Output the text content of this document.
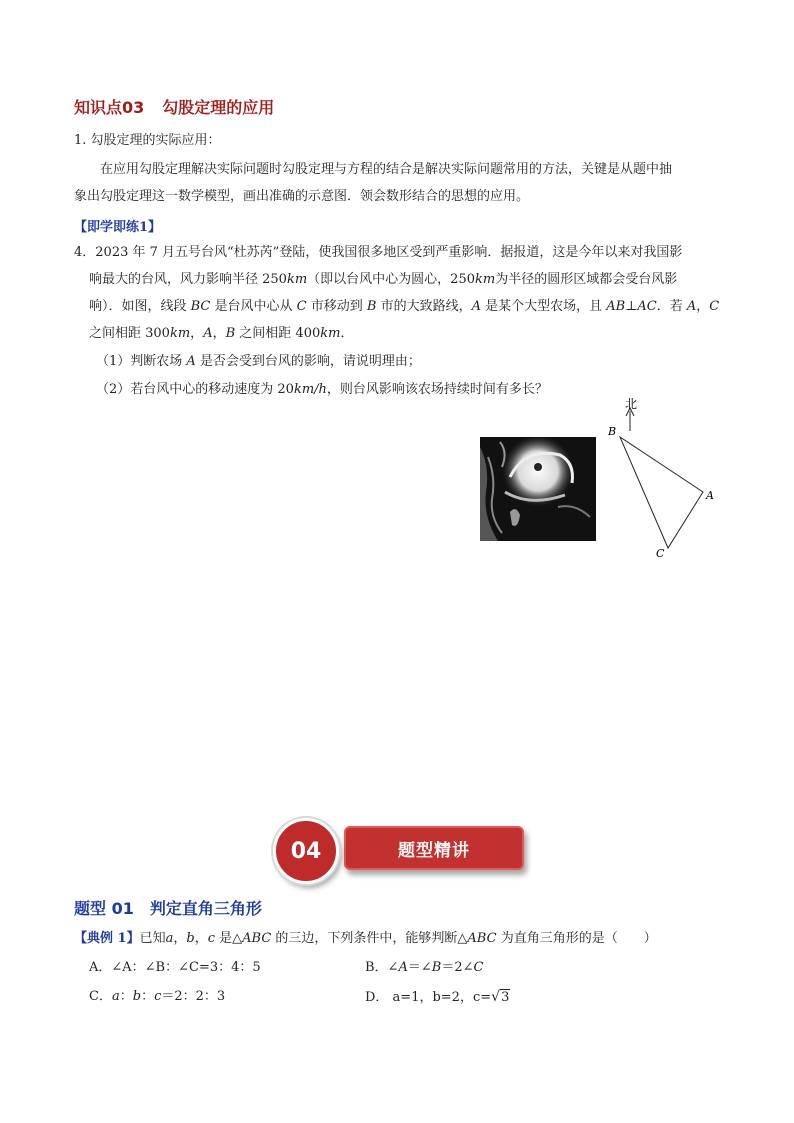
知识点03 勾股定理的应用
1. 勾股定理的实际应用：
在应用勾股定理解决实际问题时勾股定理与方程的结合是解决实际问题常用的方法，关键是从题中抽
象出勾股定理这一数学模型，画出准确的示意图．领会数形结合的思想的应用。
【即学即练1】
4．2023 年 7 月五号台风“杜苏芮”登陆，使我国很多地区受到严重影响．据报道，这是今年以来对我国影
响最大的台风，风力影响半径 250km（即以台风中心为圆心，250km为半径的圆形区域都会受台风影
响）．如图，线段 BC 是台风中心从 C 市移动到 B 市的大致路线，A 是某个大型农场，且 AB⊥AC．若 A，C
之间相距 300km，A，B 之间相距 400km．
（1）判断农场 A 是否会受到台风的影响，请说明理由；
（2）若台风中心的移动速度为 20km/h，则台风影响该农场持续时间有多长？
北
B
A
C
04	题型精讲
题型 01 判定直角三角形
【典例 1】已知a，b，c 是△ABC 的三边，下列条件中，能够判断△ABC 为直角三角形的是（　　）
A．∠A：∠B：∠C=3：4：5	B．∠A＝∠B＝2∠C
C．a：b：c＝2：2：3	D． a=1，b=2，c=√3
